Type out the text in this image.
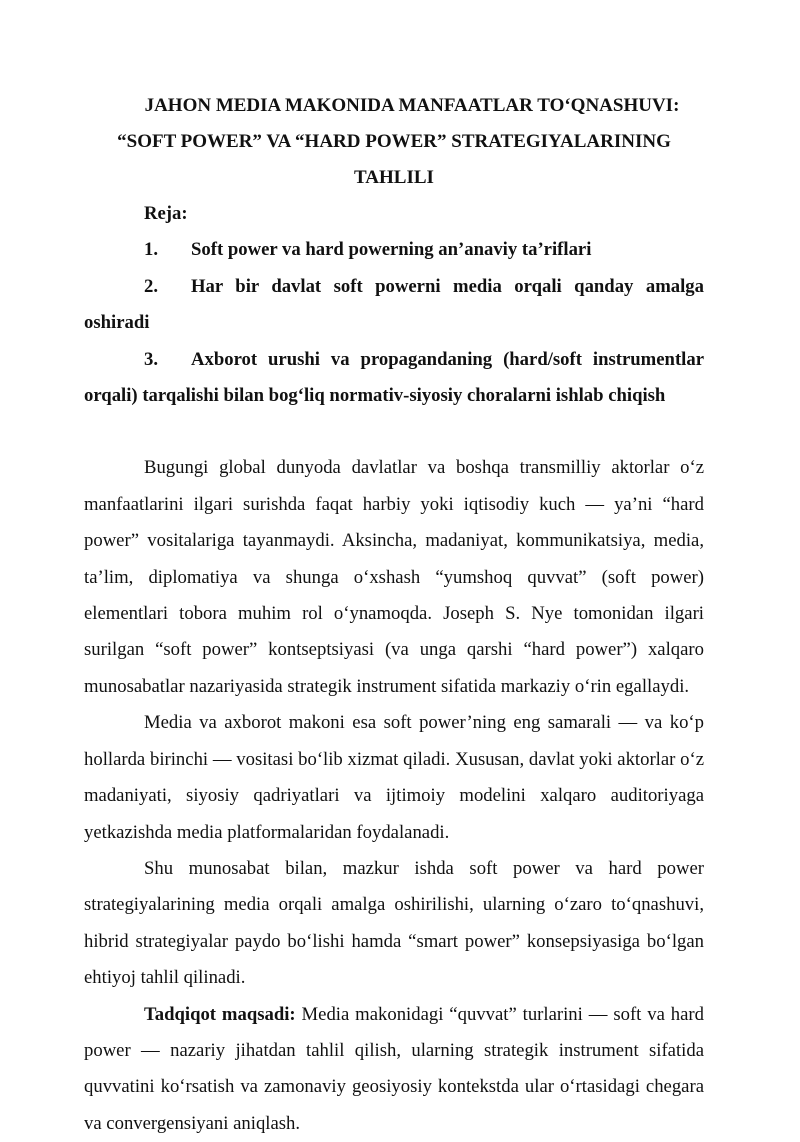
JAHON MEDIA MAKONIDA MANFAATLAR TO‘QNASHUVI:
“SOFT POWER” VA “HARD POWER” STRATEGIYALARINING
TAHLILI

Reja:

1. Soft power va hard powerning an’anaviy ta’riflari

2. Har bir davlat soft powerni media orqali qanday amalga oshiradi

3. Axborot urushi va propagandaning (hard/soft instrumentlar orqali) tarqalishi bilan bog‘liq normativ-siyosiy choralarni ishlab chiqish

Bugungi global dunyoda davlatlar va boshqa transmilliy aktorlar o‘z manfaatlarini ilgari surishda faqat harbiy yoki iqtisodiy kuch — ya’ni “hard power” vositalariga tayanmaydi. Aksincha, madaniyat, kommunikatsiya, media, ta’lim, diplomatiya va shunga o‘xshash “yumshoq quvvat” (soft power) elementlari tobora muhim rol o‘ynamoqda. Joseph S. Nye tomonidan ilgari surilgan “soft power” kontseptsiyasi (va unga qarshi “hard power”) xalqaro munosabatlar nazariyasida strategik instrument sifatida markaziy o‘rin egallaydi.

Media va axborot makoni esa soft power’ning eng samarali — va ko‘p hollarda birinchi — vositasi bo‘lib xizmat qiladi. Xususan, davlat yoki aktorlar o‘z madaniyati, siyosiy qadriyatlari va ijtimoiy modelini xalqaro auditoriyaga yetkazishda media platformalaridan foydalanadi.

Shu munosabat bilan, mazkur ishda soft power va hard power strategiyalarining media orqali amalga oshirilishi, ularning o‘zaro to‘qnashuvi, hibrid strategiyalar paydo bo‘lishi hamda “smart power” konsepsiyasiga bo‘lgan ehtiyoj tahlil qilinadi.

Tadqiqot maqsadi: Media makonidagi “quvvat” turlarini — soft va hard power — nazariy jihatdan tahlil qilish, ularning strategik instrument sifatida quvvatini ko‘rsatish va zamonaviy geosiyosiy kontekstda ular o‘rtasidagi chegara va convergensiyani aniqlash.
